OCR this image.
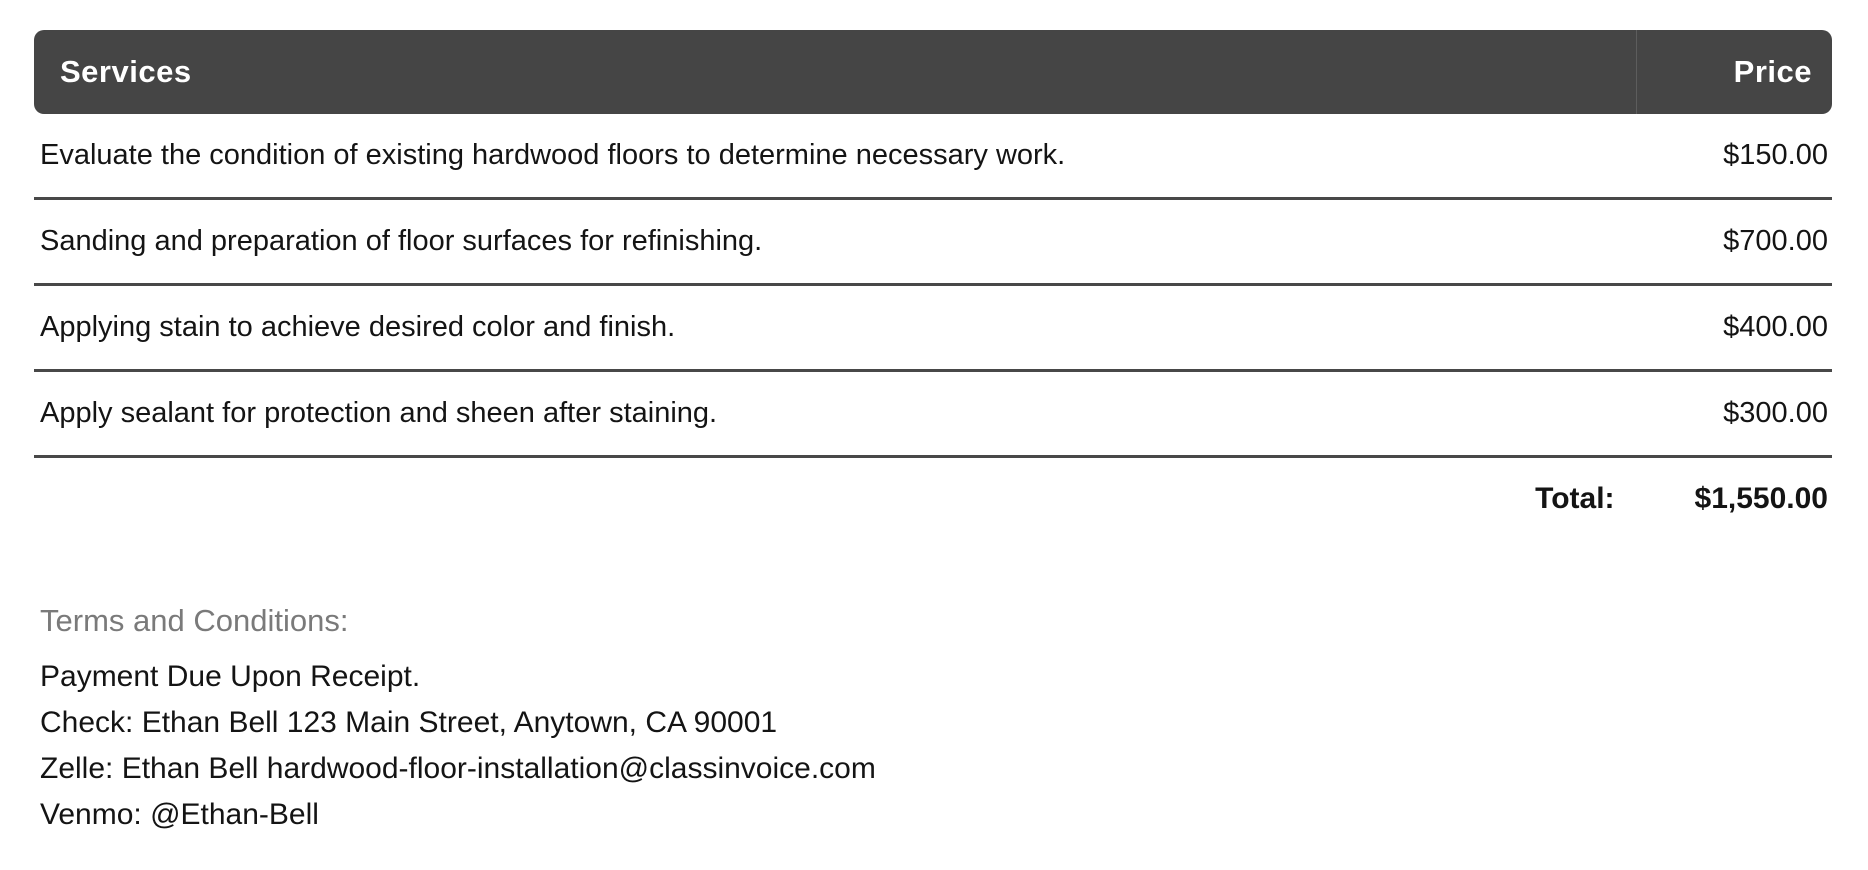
Services	Price
Evaluate the condition of existing hardwood floors to determine necessary work.	$150.00
Sanding and preparation of floor surfaces for refinishing.	$700.00
Applying stain to achieve desired color and finish.	$400.00
Apply sealant for protection and sheen after staining.	$300.00
Total:	$1,550.00
Terms and Conditions:
Payment Due Upon Receipt.
Check: Ethan Bell 123 Main Street, Anytown, CA 90001
Zelle: Ethan Bell hardwood-floor-installation@classinvoice.com
Venmo: @Ethan-Bell
